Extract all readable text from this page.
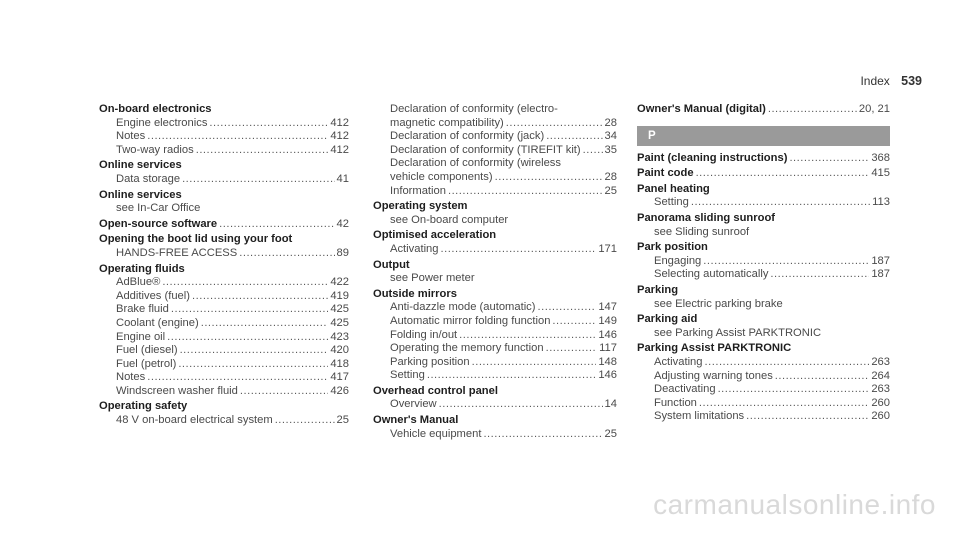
Index 539
On-board electronics
Engine electronics .....	412
Notes .....	412
Two-way radios .....	412
Online services
Data storage .....	41
Online services
see In-Car Office
Open-source software .....	42
Opening the boot lid using your foot
HANDS-FREE ACCESS .....	89
Operating fluids
AdBlue® .....	422
Additives (fuel) .....	419
Brake fluid .....	425
Coolant (engine) .....	425
Engine oil .....	423
Fuel (diesel) .....	420
Fuel (petrol) .....	418
Notes .....	417
Windscreen washer fluid .....	426
Operating safety
48 V on-board electrical system .....	25
Declaration of conformity (electro-
magnetic compatibility) .....	28
Declaration of conformity (jack) .....	34
Declaration of conformity (TIREFIT kit) ..... 35
Declaration of conformity (wireless
vehicle components) .....	28
Information .....	25
Operating system
see On-board computer
Optimised acceleration
Activating .....	171
Output
see Power meter
Outside mirrors
Anti-dazzle mode (automatic) .....	147
Automatic mirror folding function .....	149
Folding in/out .....	146
Operating the memory function .....	117
Parking position .....	148
Setting .....	146
Overhead control panel
Overview .....	14
Owner's Manual
Vehicle equipment .....	25
Owner's Manual (digital) .....	20, 21
P
Paint (cleaning instructions) .....	368
Paint code .....	415
Panel heating
Setting .....	113
Panorama sliding sunroof
see Sliding sunroof
Park position
Engaging .....	187
Selecting automatically .....	187
Parking
see Electric parking brake
Parking aid
see Parking Assist PARKTRONIC
Parking Assist PARKTRONIC
Activating .....	263
Adjusting warning tones .....	264
Deactivating .....	263
Function .....	260
System limitations .....	260
carmanualsonline.info
